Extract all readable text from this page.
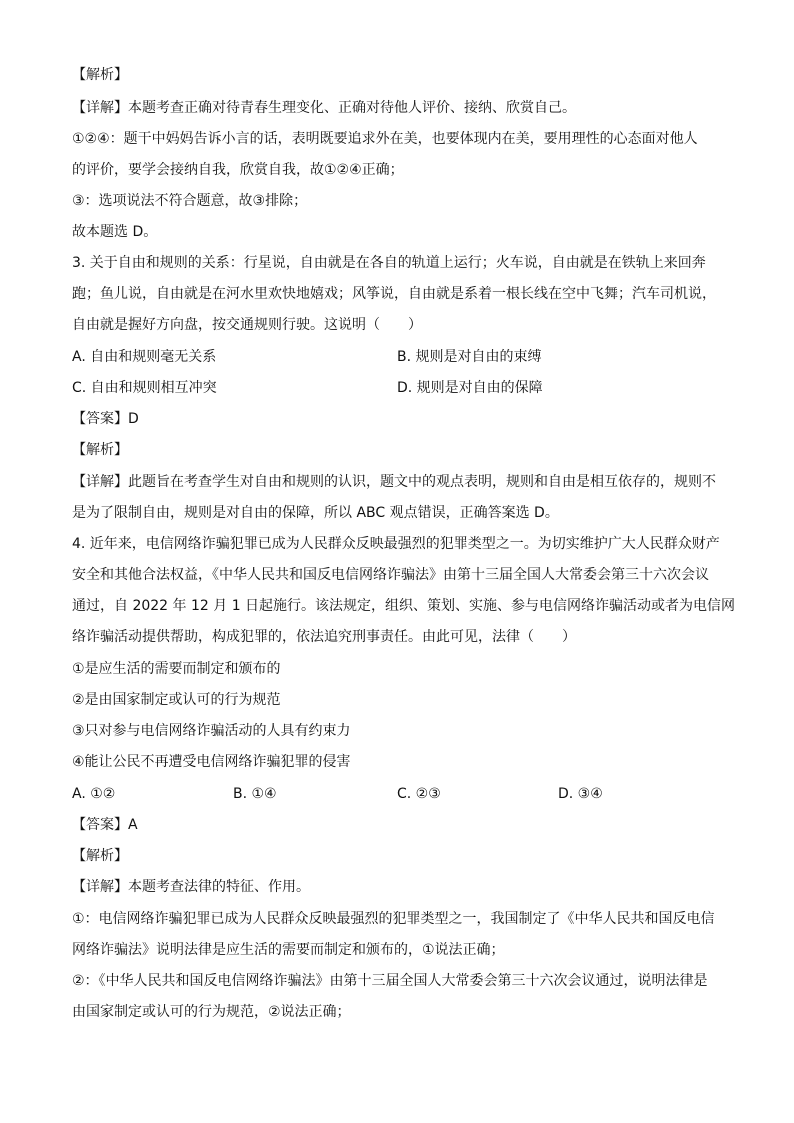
【解析】
【详解】本题考查正确对待青春生理变化、正确对待他人评价、接纳、欣赏自己。
①②④：题干中妈妈告诉小言的话，表明既要追求外在美，也要体现内在美，要用理性的心态面对他人
的评价，要学会接纳自我，欣赏自我，故①②④正确；
③：选项说法不符合题意，故③排除；
故本题选 D。
3. 关于自由和规则的关系：行星说，自由就是在各自的轨道上运行；火车说，自由就是在铁轨上来回奔
跑；鱼儿说，自由就是在河水里欢快地嬉戏；风筝说，自由就是系着一根长线在空中飞舞；汽车司机说，
自由就是握好方向盘，按交通规则行驶。这说明（　　）
A. 自由和规则毫无关系	B. 规则是对自由的束缚
C. 自由和规则相互冲突	D. 规则是对自由的保障
【答案】D
【解析】
【详解】此题旨在考查学生对自由和规则的认识，题文中的观点表明，规则和自由是相互依存的，规则不
是为了限制自由，规则是对自由的保障，所以 ABC 观点错误，正确答案选 D。
4. 近年来，电信网络诈骗犯罪已成为人民群众反映最强烈的犯罪类型之一。为切实维护广大人民群众财产
安全和其他合法权益，《中华人民共和国反电信网络诈骗法》由第十三届全国人大常委会第三十六次会议
通过，自 2022 年 12 月 1 日起施行。该法规定，组织、策划、实施、参与电信网络诈骗活动或者为电信网
络诈骗活动提供帮助，构成犯罪的，依法追究刑事责任。由此可见，法律（　　）
①是应生活的需要而制定和颁布的
②是由国家制定或认可的行为规范
③只对参与电信网络诈骗活动的人具有约束力
④能让公民不再遭受电信网络诈骗犯罪的侵害
A. ①②	B. ①④	C. ②③	D. ③④
【答案】A
【解析】
【详解】本题考查法律的特征、作用。
①：电信网络诈骗犯罪已成为人民群众反映最强烈的犯罪类型之一，我国制定了《中华人民共和国反电信
网络诈骗法》说明法律是应生活的需要而制定和颁布的，①说法正确；
②：《中华人民共和国反电信网络诈骗法》由第十三届全国人大常委会第三十六次会议通过，说明法律是
由国家制定或认可的行为规范，②说法正确；
